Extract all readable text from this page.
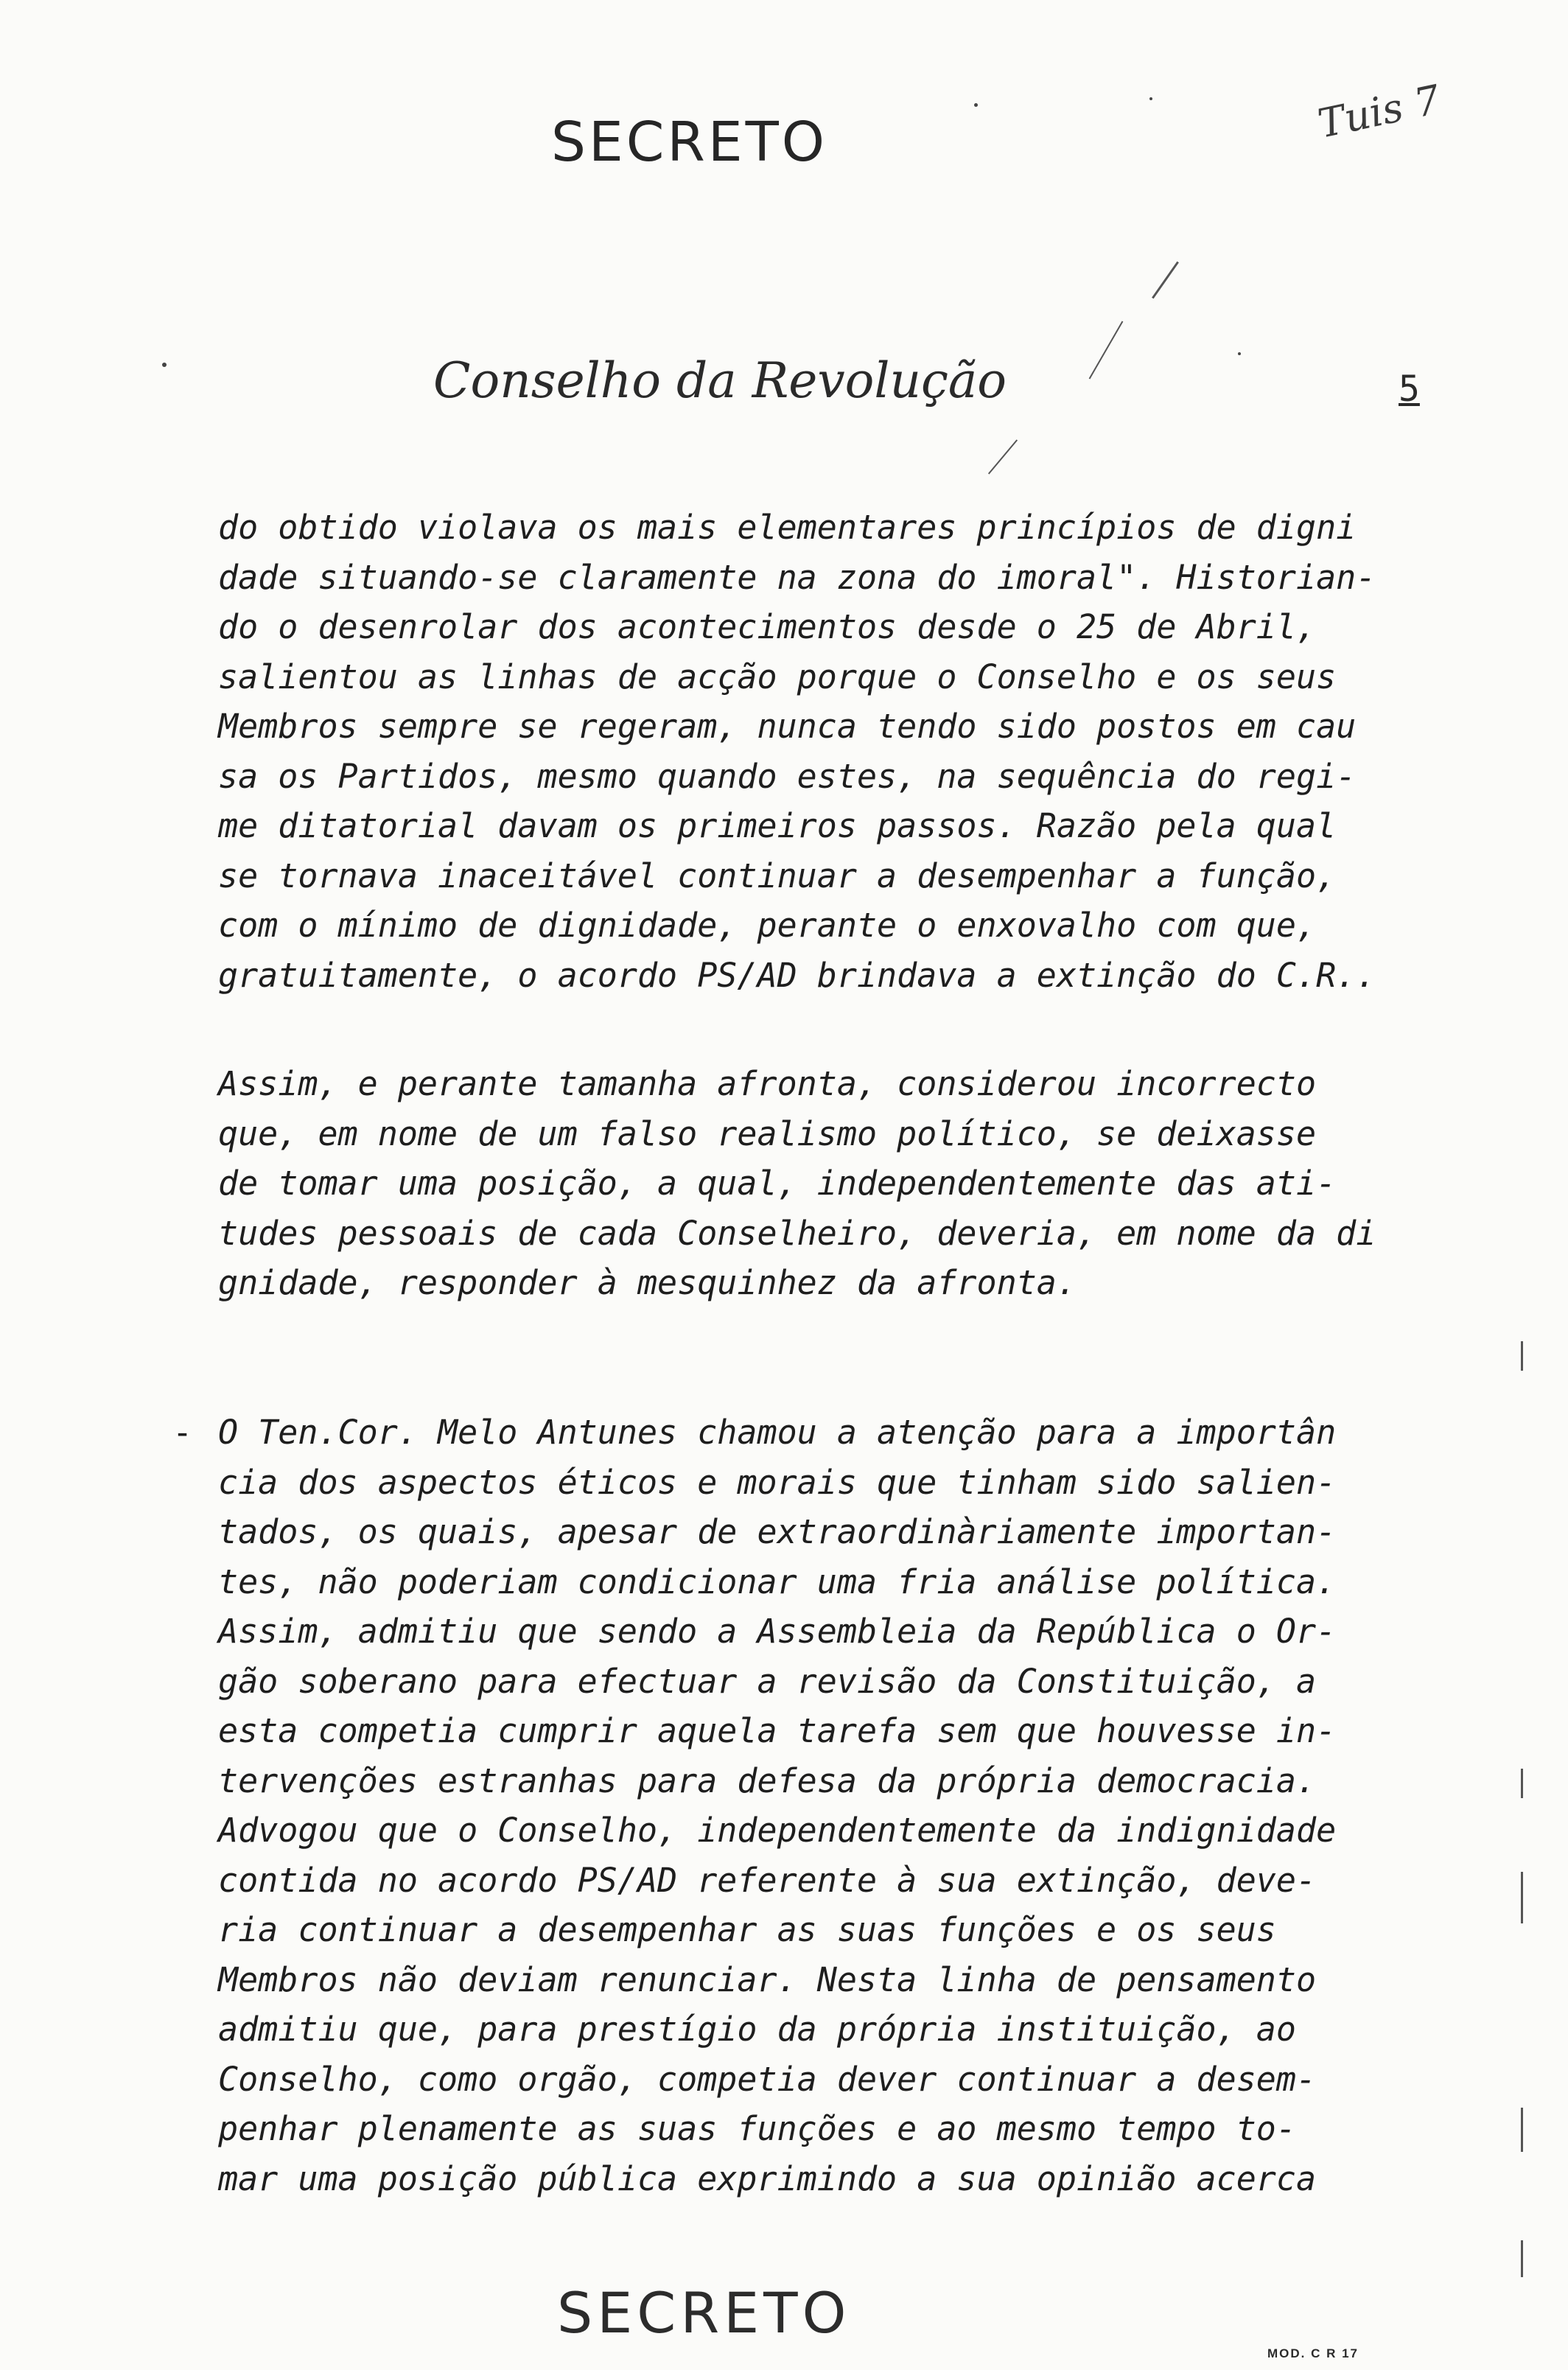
SECRETO	Tuis 7
Conselho da Revolução	5
do obtido violava os mais elementares princípios de digni
dade situando-se claramente na zona do imoral". Historian-
do o desenrolar dos acontecimentos desde o 25 de Abril,
salientou as linhas de acção porque o Conselho e os seus
Membros sempre se regeram, nunca tendo sido postos em cau
sa os Partidos, mesmo quando estes, na sequência do regi-
me ditatorial davam os primeiros passos. Razão pela qual
se tornava inaceitável continuar a desempenhar a função,
com o mínimo de dignidade, perante o enxovalho com que,
gratuitamente, o acordo PS/AD brindava a extinção do C.R..
Assim, e perante tamanha afronta, considerou incorrecto
que, em nome de um falso realismo político, se deixasse
de tomar uma posição, a qual, independentemente das ati-
tudes pessoais de cada Conselheiro, deveria, em nome da di
gnidade, responder à mesquinhez da afronta.
- O Ten.Cor. Melo Antunes chamou a atenção para a importân
cia dos aspectos éticos e morais que tinham sido salien-
tados, os quais, apesar de extraordinàriamente importan-
tes, não poderiam condicionar uma fria análise política.
Assim, admitiu que sendo a Assembleia da República o Or-
gão soberano para efectuar a revisão da Constituição, a
esta competia cumprir aquela tarefa sem que houvesse in-
tervenções estranhas para defesa da própria democracia.
Advogou que o Conselho, independentemente da indignidade
contida no acordo PS/AD referente à sua extinção, deve-
ria continuar a desempenhar as suas funções e os seus
Membros não deviam renunciar. Nesta linha de pensamento
admitiu que, para prestígio da própria instituição, ao
Conselho, como orgão, competia dever continuar a desem-
penhar plenamente as suas funções e ao mesmo tempo to-
mar uma posição pública exprimindo a sua opinião acerca
SECRETO
MOD. C R 17
